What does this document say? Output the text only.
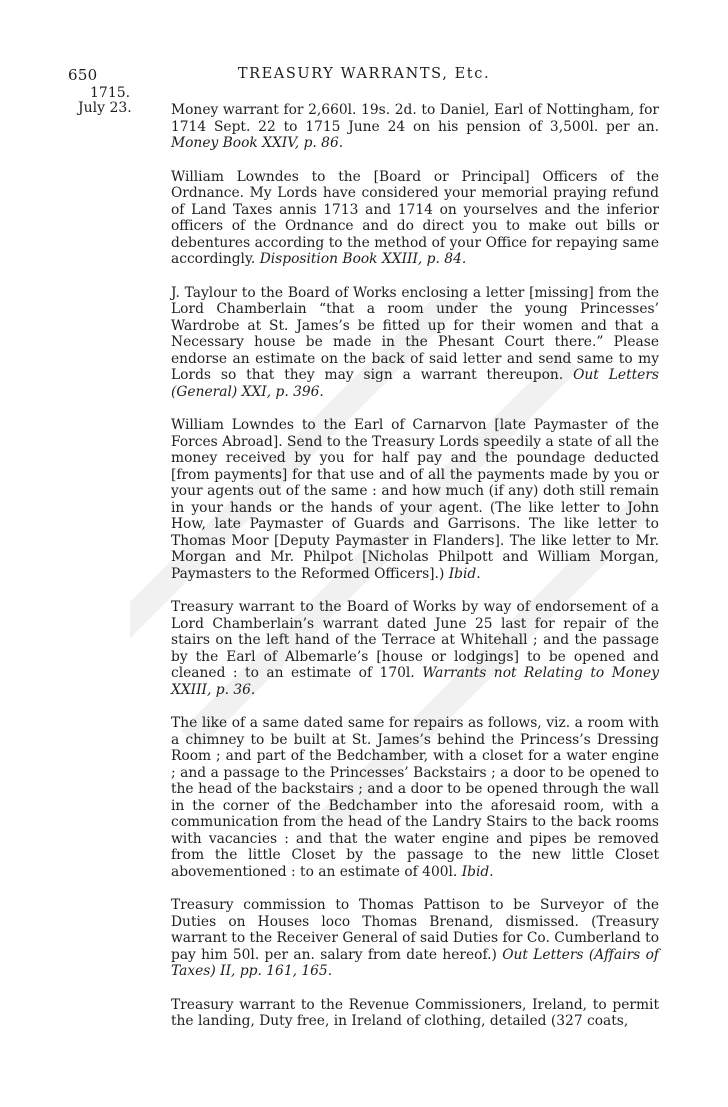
650	TREASURY WARRANTS, Etc.
1715.
July 23.	Money warrant for 2,660l. 19s. 2d. to Daniel, Earl of Nottingham, for 1714 Sept. 22 to 1715 June 24 on his pension of 3,500l. per an. Money Book XXIV, p. 86.

William Lowndes to the [Board or Principal] Officers of the Ordnance. My Lords have considered your memorial praying refund of Land Taxes annis 1713 and 1714 on yourselves and the inferior officers of the Ordnance and do direct you to make out bills or debentures according to the method of your Office for repaying same accordingly. Disposition Book XXIII, p. 84.

J. Taylour to the Board of Works enclosing a letter [missing] from the Lord Chamberlain “that a room under the young Princesses’ Wardrobe at St. James’s be fitted up for their women and that a Necessary house be made in the Phesant Court there.” Please endorse an estimate on the back of said letter and send same to my Lords so that they may sign a warrant thereupon. Out Letters (General) XXI, p. 396.

William Lowndes to the Earl of Carnarvon [late Paymaster of the Forces Abroad]. Send to the Treasury Lords speedily a state of all the money received by you for half pay and the poundage deducted [from payments] for that use and of all the payments made by you or your agents out of the same : and how much (if any) doth still remain in your hands or the hands of your agent. (The like letter to John How, late Paymaster of Guards and Garrisons. The like letter to Thomas Moor [Deputy Paymaster in Flanders]. The like letter to Mr. Morgan and Mr. Philpot [Nicholas Philpott and William Morgan, Paymasters to the Reformed Officers].) Ibid.

Treasury warrant to the Board of Works by way of endorsement of a Lord Chamberlain’s warrant dated June 25 last for repair of the stairs on the left hand of the Terrace at Whitehall ; and the passage by the Earl of Albemarle’s [house or lodgings] to be opened and cleaned : to an estimate of 170l. Warrants not Relating to Money XXIII, p. 36.

The like of a same dated same for repairs as follows, viz. a room with a chimney to be built at St. James’s behind the Princess’s Dressing Room ; and part of the Bedchamber, with a closet for a water engine ; and a passage to the Princesses’ Backstairs ; a door to be opened to the head of the backstairs ; and a door to be opened through the wall in the corner of the Bedchamber into the aforesaid room, with a communication from the head of the Landry Stairs to the back rooms with vacancies : and that the water engine and pipes be removed from the little Closet by the passage to the new little Closet abovementioned : to an estimate of 400l. Ibid.

Treasury commission to Thomas Pattison to be Surveyor of the Duties on Houses loco Thomas Brenand, dismissed. (Treasury warrant to the Receiver General of said Duties for Co. Cumberland to pay him 50l. per an. salary from date hereof.) Out Letters (Affairs of Taxes) II, pp. 161, 165.

Treasury warrant to the Revenue Commissioners, Ireland, to permit the landing, Duty free, in Ireland of clothing, detailed (327 coats,
